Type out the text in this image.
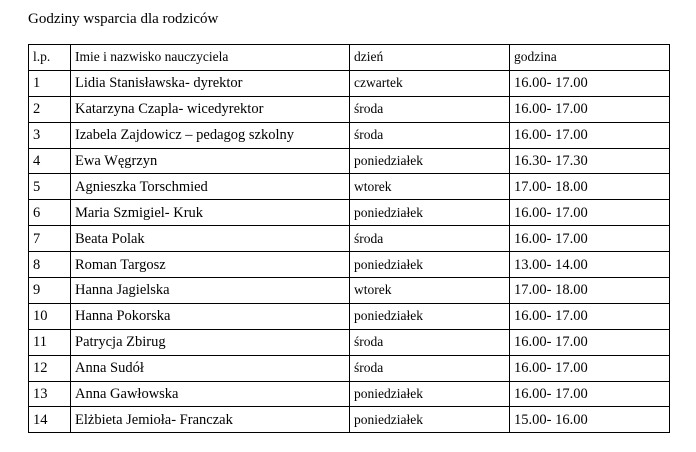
Godziny wsparcia dla rodziców
l.p.	Imie i nazwisko nauczyciela	dzień	godzina
1	Lidia Stanisławska- dyrektor	czwartek	16.00- 17.00
2	Katarzyna Czapla- wicedyrektor	środa	16.00- 17.00
3	Izabela Zajdowicz – pedagog szkolny	środa	16.00- 17.00
4	Ewa Węgrzyn	poniedziałek	16.30- 17.30
5	Agnieszka Torschmied	wtorek	17.00- 18.00
6	Maria Szmigiel- Kruk	poniedziałek	16.00- 17.00
7	Beata Polak	środa	16.00- 17.00
8	Roman Targosz	poniedziałek	13.00- 14.00
9	Hanna Jagielska	wtorek	17.00- 18.00
10	Hanna Pokorska	poniedziałek	16.00- 17.00
11	Patrycja Zbirug	środa	16.00- 17.00
12	Anna Sudół	środa	16.00- 17.00
13	Anna Gawłowska	poniedziałek	16.00- 17.00
14	Elżbieta Jemioła- Franczak	poniedziałek	15.00- 16.00
